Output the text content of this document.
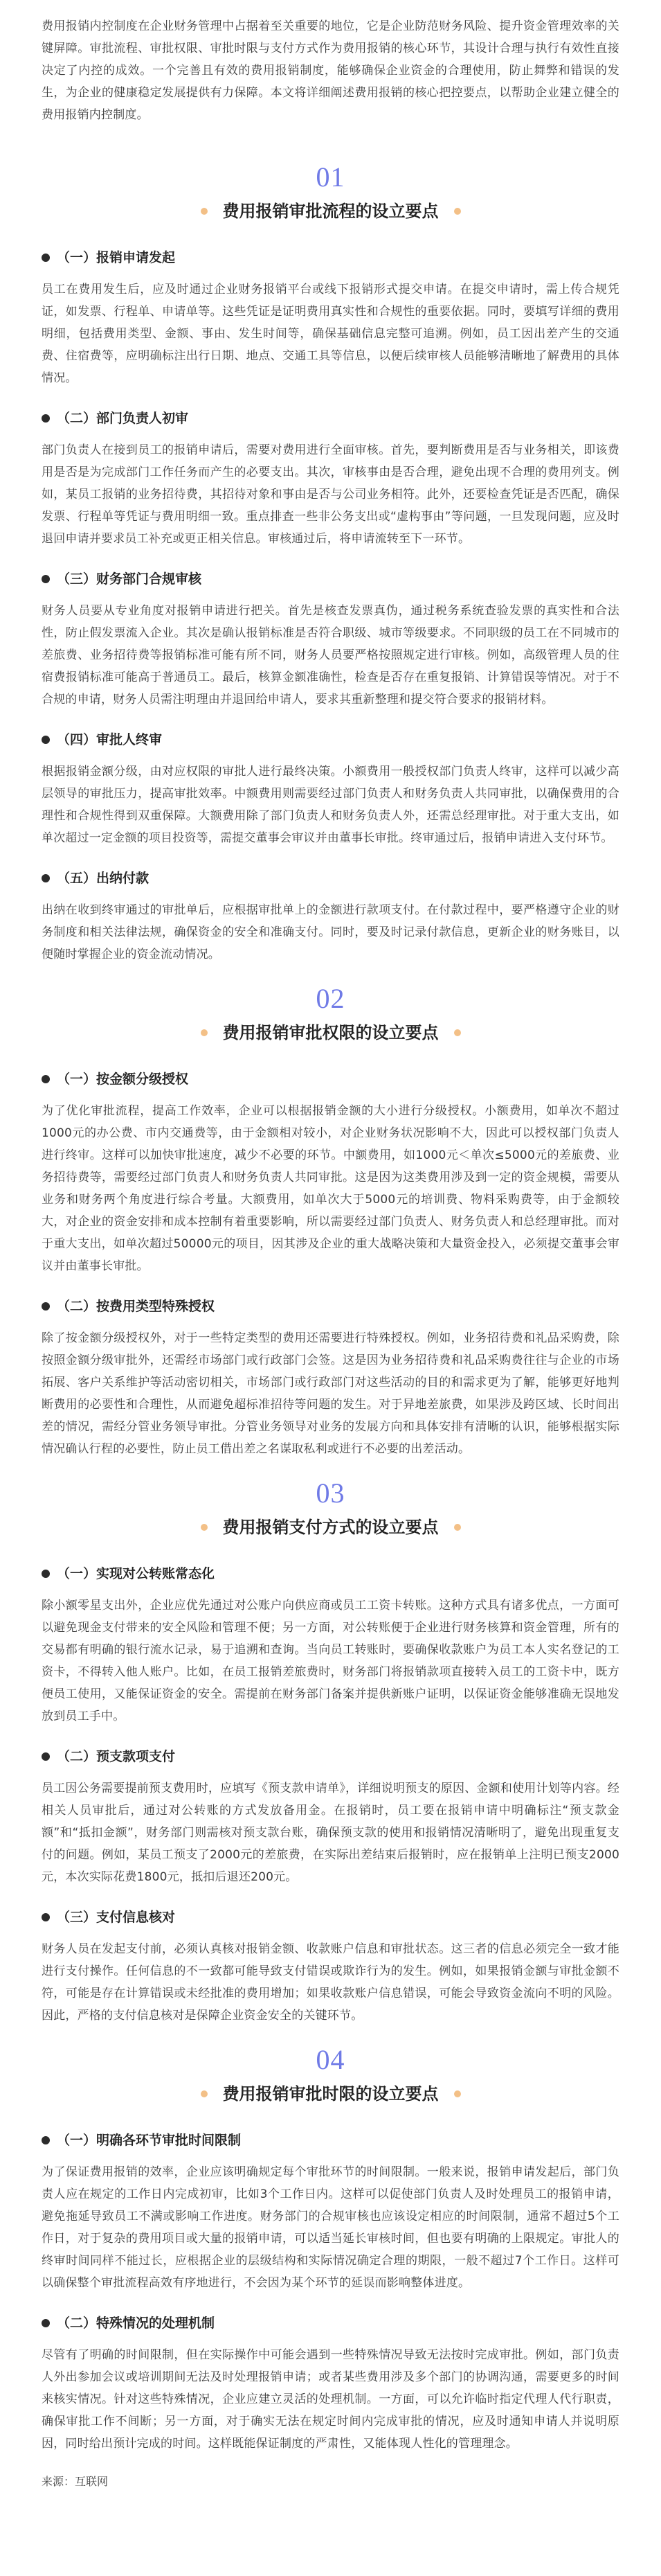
费用报销内控制度在企业财务管理中占据着至关重要的地位，它是企业防范财务风险、提升资金管理效率的关键屏障。审批流程、审批权限、审批时限与支付方式作为费用报销的核心环节，其设计合理与执行有效性直接决定了内控的成效。一个完善且有效的费用报销制度，能够确保企业资金的合理使用，防止舞弊和错误的发生，为企业的健康稳定发展提供有力保障。本文将详细阐述费用报销的核心把控要点，以帮助企业建立健全的费用报销内控制度。

01
费用报销审批流程的设立要点
（一）报销申请发起

员工在费用发生后，应及时通过企业财务报销平台或线下报销形式提交申请。在提交申请时，需上传合规凭证，如发票、行程单、申请单等。这些凭证是证明费用真实性和合规性的重要依据。同时，要填写详细的费用明细，包括费用类型、金额、事由、发生时间等，确保基础信息完整可追溯。例如，员工因出差产生的交通费、住宿费等，应明确标注出行日期、地点、交通工具等信息，以便后续审核人员能够清晰地了解费用的具体情况。

（二）部门负责人初审

部门负责人在接到员工的报销申请后，需要对费用进行全面审核。首先，要判断费用是否与业务相关，即该费用是否是为完成部门工作任务而产生的必要支出。其次，审核事由是否合理，避免出现不合理的费用列支。例如，某员工报销的业务招待费，其招待对象和事由是否与公司业务相符。此外，还要检查凭证是否匹配，确保发票、行程单等凭证与费用明细一致。重点排查一些非公务支出或“虚构事由”等问题，一旦发现问题，应及时退回申请并要求员工补充或更正相关信息。审核通过后，将申请流转至下一环节。

（三）财务部门合规审核

财务人员要从专业角度对报销申请进行把关。首先是核查发票真伪，通过税务系统查验发票的真实性和合法性，防止假发票流入企业。其次是确认报销标准是否符合职级、城市等级要求。不同职级的员工在不同城市的差旅费、业务招待费等报销标准可能有所不同，财务人员要严格按照规定进行审核。例如，高级管理人员的住宿费报销标准可能高于普通员工。最后，核算金额准确性，检查是否存在重复报销、计算错误等情况。对于不合规的申请，财务人员需注明理由并退回给申请人，要求其重新整理和提交符合要求的报销材料。

（四）审批人终审

根据报销金额分级，由对应权限的审批人进行最终决策。小额费用一般授权部门负责人终审，这样可以减少高层领导的审批压力，提高审批效率。中额费用则需要经过部门负责人和财务负责人共同审批，以确保费用的合理性和合规性得到双重保障。大额费用除了部门负责人和财务负责人外，还需总经理审批。对于重大支出，如单次超过一定金额的项目投资等，需提交董事会审议并由董事长审批。终审通过后，报销申请进入支付环节。

（五）出纳付款

出纳在收到终审通过的审批单后，应根据审批单上的金额进行款项支付。在付款过程中，要严格遵守企业的财务制度和相关法律法规，确保资金的安全和准确支付。同时，要及时记录付款信息，更新企业的财务账目，以便随时掌握企业的资金流动情况。

02
费用报销审批权限的设立要点
（一）按金额分级授权

为了优化审批流程，提高工作效率，企业可以根据报销金额的大小进行分级授权。小额费用，如单次不超过1000元的办公费、市内交通费等，由于金额相对较小，对企业财务状况影响不大，因此可以授权部门负责人进行终审。这样可以加快审批速度，减少不必要的环节。中额费用，如1000元＜单次≤5000元的差旅费、业务招待费等，需要经过部门负责人和财务负责人共同审批。这是因为这类费用涉及到一定的资金规模，需要从业务和财务两个角度进行综合考量。大额费用，如单次大于5000元的培训费、物料采购费等，由于金额较大，对企业的资金安排和成本控制有着重要影响，所以需要经过部门负责人、财务负责人和总经理审批。而对于重大支出，如单次超过50000元的项目，因其涉及企业的重大战略决策和大量资金投入，必须提交董事会审议并由董事长审批。

（二）按费用类型特殊授权

除了按金额分级授权外，对于一些特定类型的费用还需要进行特殊授权。例如，业务招待费和礼品采购费，除按照金额分级审批外，还需经市场部门或行政部门会签。这是因为业务招待费和礼品采购费往往与企业的市场拓展、客户关系维护等活动密切相关，市场部门或行政部门对这些活动的目的和需求更为了解，能够更好地判断费用的必要性和合理性，从而避免超标准招待等问题的发生。对于异地差旅费，如果涉及跨区域、长时间出差的情况，需经分管业务领导审批。分管业务领导对业务的发展方向和具体安排有清晰的认识，能够根据实际情况确认行程的必要性，防止员工借出差之名谋取私利或进行不必要的出差活动。

03
费用报销支付方式的设立要点
（一）实现对公转账常态化

除小额零星支出外，企业应优先通过对公账户向供应商或员工工资卡转账。这种方式具有诸多优点，一方面可以避免现金支付带来的安全风险和管理不便；另一方面，对公转账便于企业进行财务核算和资金管理，所有的交易都有明确的银行流水记录，易于追溯和查询。当向员工转账时，要确保收款账户为员工本人实名登记的工资卡，不得转入他人账户。比如，在员工报销差旅费时，财务部门将报销款项直接转入员工的工资卡中，既方便员工使用，又能保证资金的安全。需提前在财务部门备案并提供新账户证明，以保证资金能够准确无误地发放到员工手中。

（二）预支款项支付

员工因公务需要提前预支费用时，应填写《预支款申请单》，详细说明预支的原因、金额和使用计划等内容。经相关人员审批后，通过对公转账的方式发放备用金。在报销时，员工要在报销申请中明确标注“预支款金额”和“抵扣金额”，财务部门则需核对预支款台账，确保预支款的使用和报销情况清晰明了，避免出现重复支付的问题。例如，某员工预支了2000元的差旅费，在实际出差结束后报销时，应在报销单上注明已预支2000元，本次实际花费1800元，抵扣后退还200元。

（三）支付信息核对

财务人员在发起支付前，必须认真核对报销金额、收款账户信息和审批状态。这三者的信息必须完全一致才能进行支付操作。任何信息的不一致都可能导致支付错误或欺诈行为的发生。例如，如果报销金额与审批金额不符，可能是存在计算错误或未经批准的费用增加；如果收款账户信息错误，可能会导致资金流向不明的风险。因此，严格的支付信息核对是保障企业资金安全的关键环节。

04
费用报销审批时限的设立要点
（一）明确各环节审批时间限制

为了保证费用报销的效率，企业应该明确规定每个审批环节的时间限制。一般来说，报销申请发起后，部门负责人应在规定的工作日内完成初审，比如3个工作日内。这样可以促使部门负责人及时处理员工的报销申请，避免拖延导致员工不满或影响工作进度。财务部门的合规审核也应该设定相应的时间限制，通常不超过5个工作日，对于复杂的费用项目或大量的报销申请，可以适当延长审核时间，但也要有明确的上限规定。审批人的终审时间同样不能过长，应根据企业的层级结构和实际情况确定合理的期限，一般不超过7个工作日。这样可以确保整个审批流程高效有序地进行，不会因为某个环节的延误而影响整体进度。

（二）特殊情况的处理机制

尽管有了明确的时间限制，但在实际操作中可能会遇到一些特殊情况导致无法按时完成审批。例如，部门负责人外出参加会议或培训期间无法及时处理报销申请；或者某些费用涉及多个部门的协调沟通，需要更多的时间来核实情况。针对这些特殊情况，企业应建立灵活的处理机制。一方面，可以允许临时指定代理人代行职责，确保审批工作不间断；另一方面，对于确实无法在规定时间内完成审批的情况，应及时通知申请人并说明原因，同时给出预计完成的时间。这样既能保证制度的严肃性，又能体现人性化的管理理念。

来源：互联网
